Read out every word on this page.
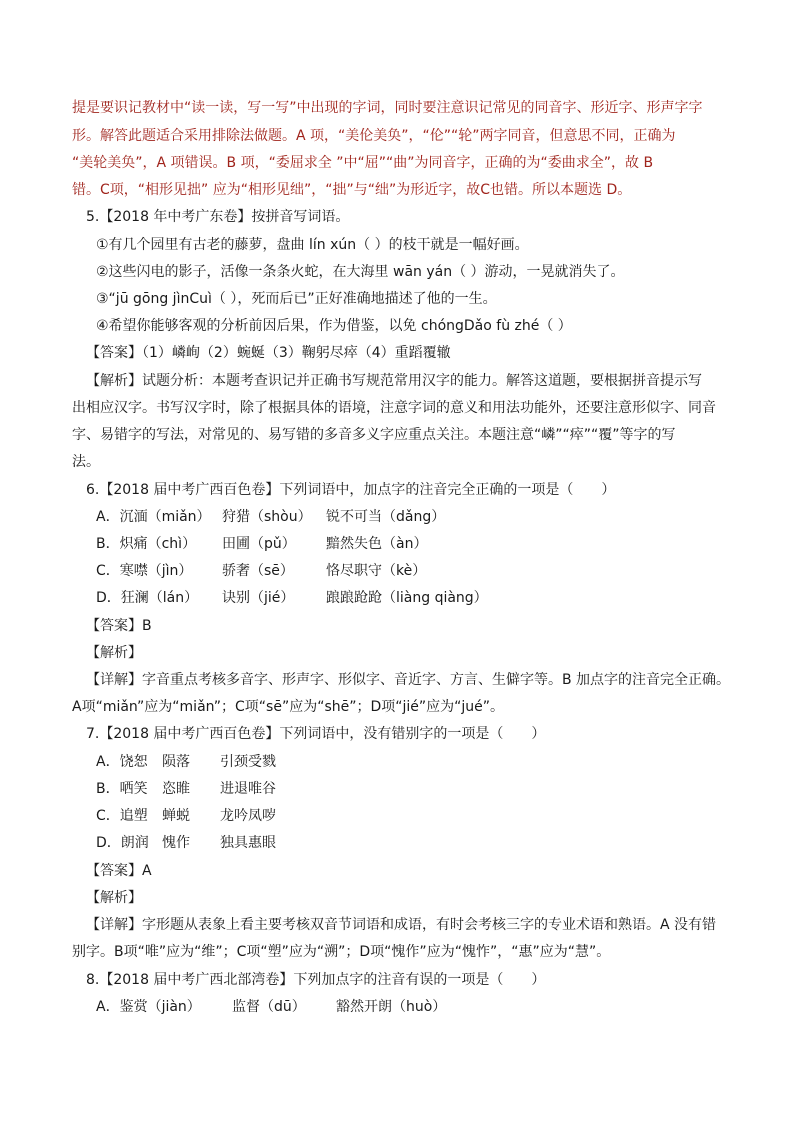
提是要识记教材中“读一读，写一写”中出现的字词，同时要注意识记常见的同音字、形近字、形声字字
形。解答此题适合采用排除法做题。A 项，“美伦美奂”，“伦”“轮”两字同音，但意思不同，正确为
“美轮美奂”，A 项错误。B 项，“委屈求全 ”中“屈”“曲”为同音字，正确的为“委曲求全”，故 B
错。C项，“相形见拙” 应为“相形见绌”，“拙”与“绌”为形近字，故C也错。所以本题选 D。
5.【2018 年中考广东卷】按拼音写词语。
①有几个园里有古老的藤萝，盘曲 lín xún（ ）的枝干就是一幅好画。
②这些闪电的影子，活像一条条火蛇，在大海里 wān yán（ ）游动，一晃就消失了。
③“jū gōng jìnCuì（ ），死而后已”正好准确地描述了他的一生。
④希望你能够客观的分析前因后果，作为借鉴，以免 chóngDǎo fù zhé（ ）
【答案】（1）嶙峋（2）蜿蜒（3）鞠躬尽瘁（4）重蹈覆辙
【解析】试题分析：本题考查识记并正确书写规范常用汉字的能力。解答这道题，要根据拼音提示写
出相应汉字。书写汉字时，除了根据具体的语境，注意字词的意义和用法功能外，还要注意形似字、同音
字、易错字的写法，对常见的、易写错的多音多义字应重点关注。本题注意“嶙”“瘁”“覆”等字的写
法。
6.【2018 届中考广西百色卷】下列词语中，加点字的注音完全正确的一项是（　　）
A．沉湎（miǎn） 狩猎（shòu） 锐不可当（dǎng）
B．炽痛（chì） 田圃（pǔ） 黯然失色（àn）
C．寒噤（jìn） 骄奢（sē） 恪尽职守（kè）
D．狂澜（lán） 诀别（jié） 踉踉跄跄（liàng qiàng）
【答案】B
【解析】
【详解】字音重点考核多音字、形声字、形似字、音近字、方言、生僻字等。B 加点字的注音完全正确。
A项“miǎn”应为“miǎn”；C项“sē”应为“shē”；D项“jié”应为“jué”。
7.【2018 届中考广西百色卷】下列词语中，没有错别字的一项是（　　）
A．饶恕 陨落 引颈受戮
B．哂笑 恣睢 进退唯谷
C．追塑 蝉蜕 龙吟凤哕
D．朗润 愧作 独具惠眼
【答案】A
【解析】
【详解】字形题从表象上看主要考核双音节词语和成语，有时会考核三字的专业术语和熟语。A 没有错
别字。B项“唯”应为“维”；C项“塑”应为“溯”；D项“愧作”应为“愧怍”，“惠”应为“慧”。
8.【2018 届中考广西北部湾卷】下列加点字的注音有误的一项是（　　）
A．鉴赏（jiàn） 监督（dū） 豁然开朗（huò）
